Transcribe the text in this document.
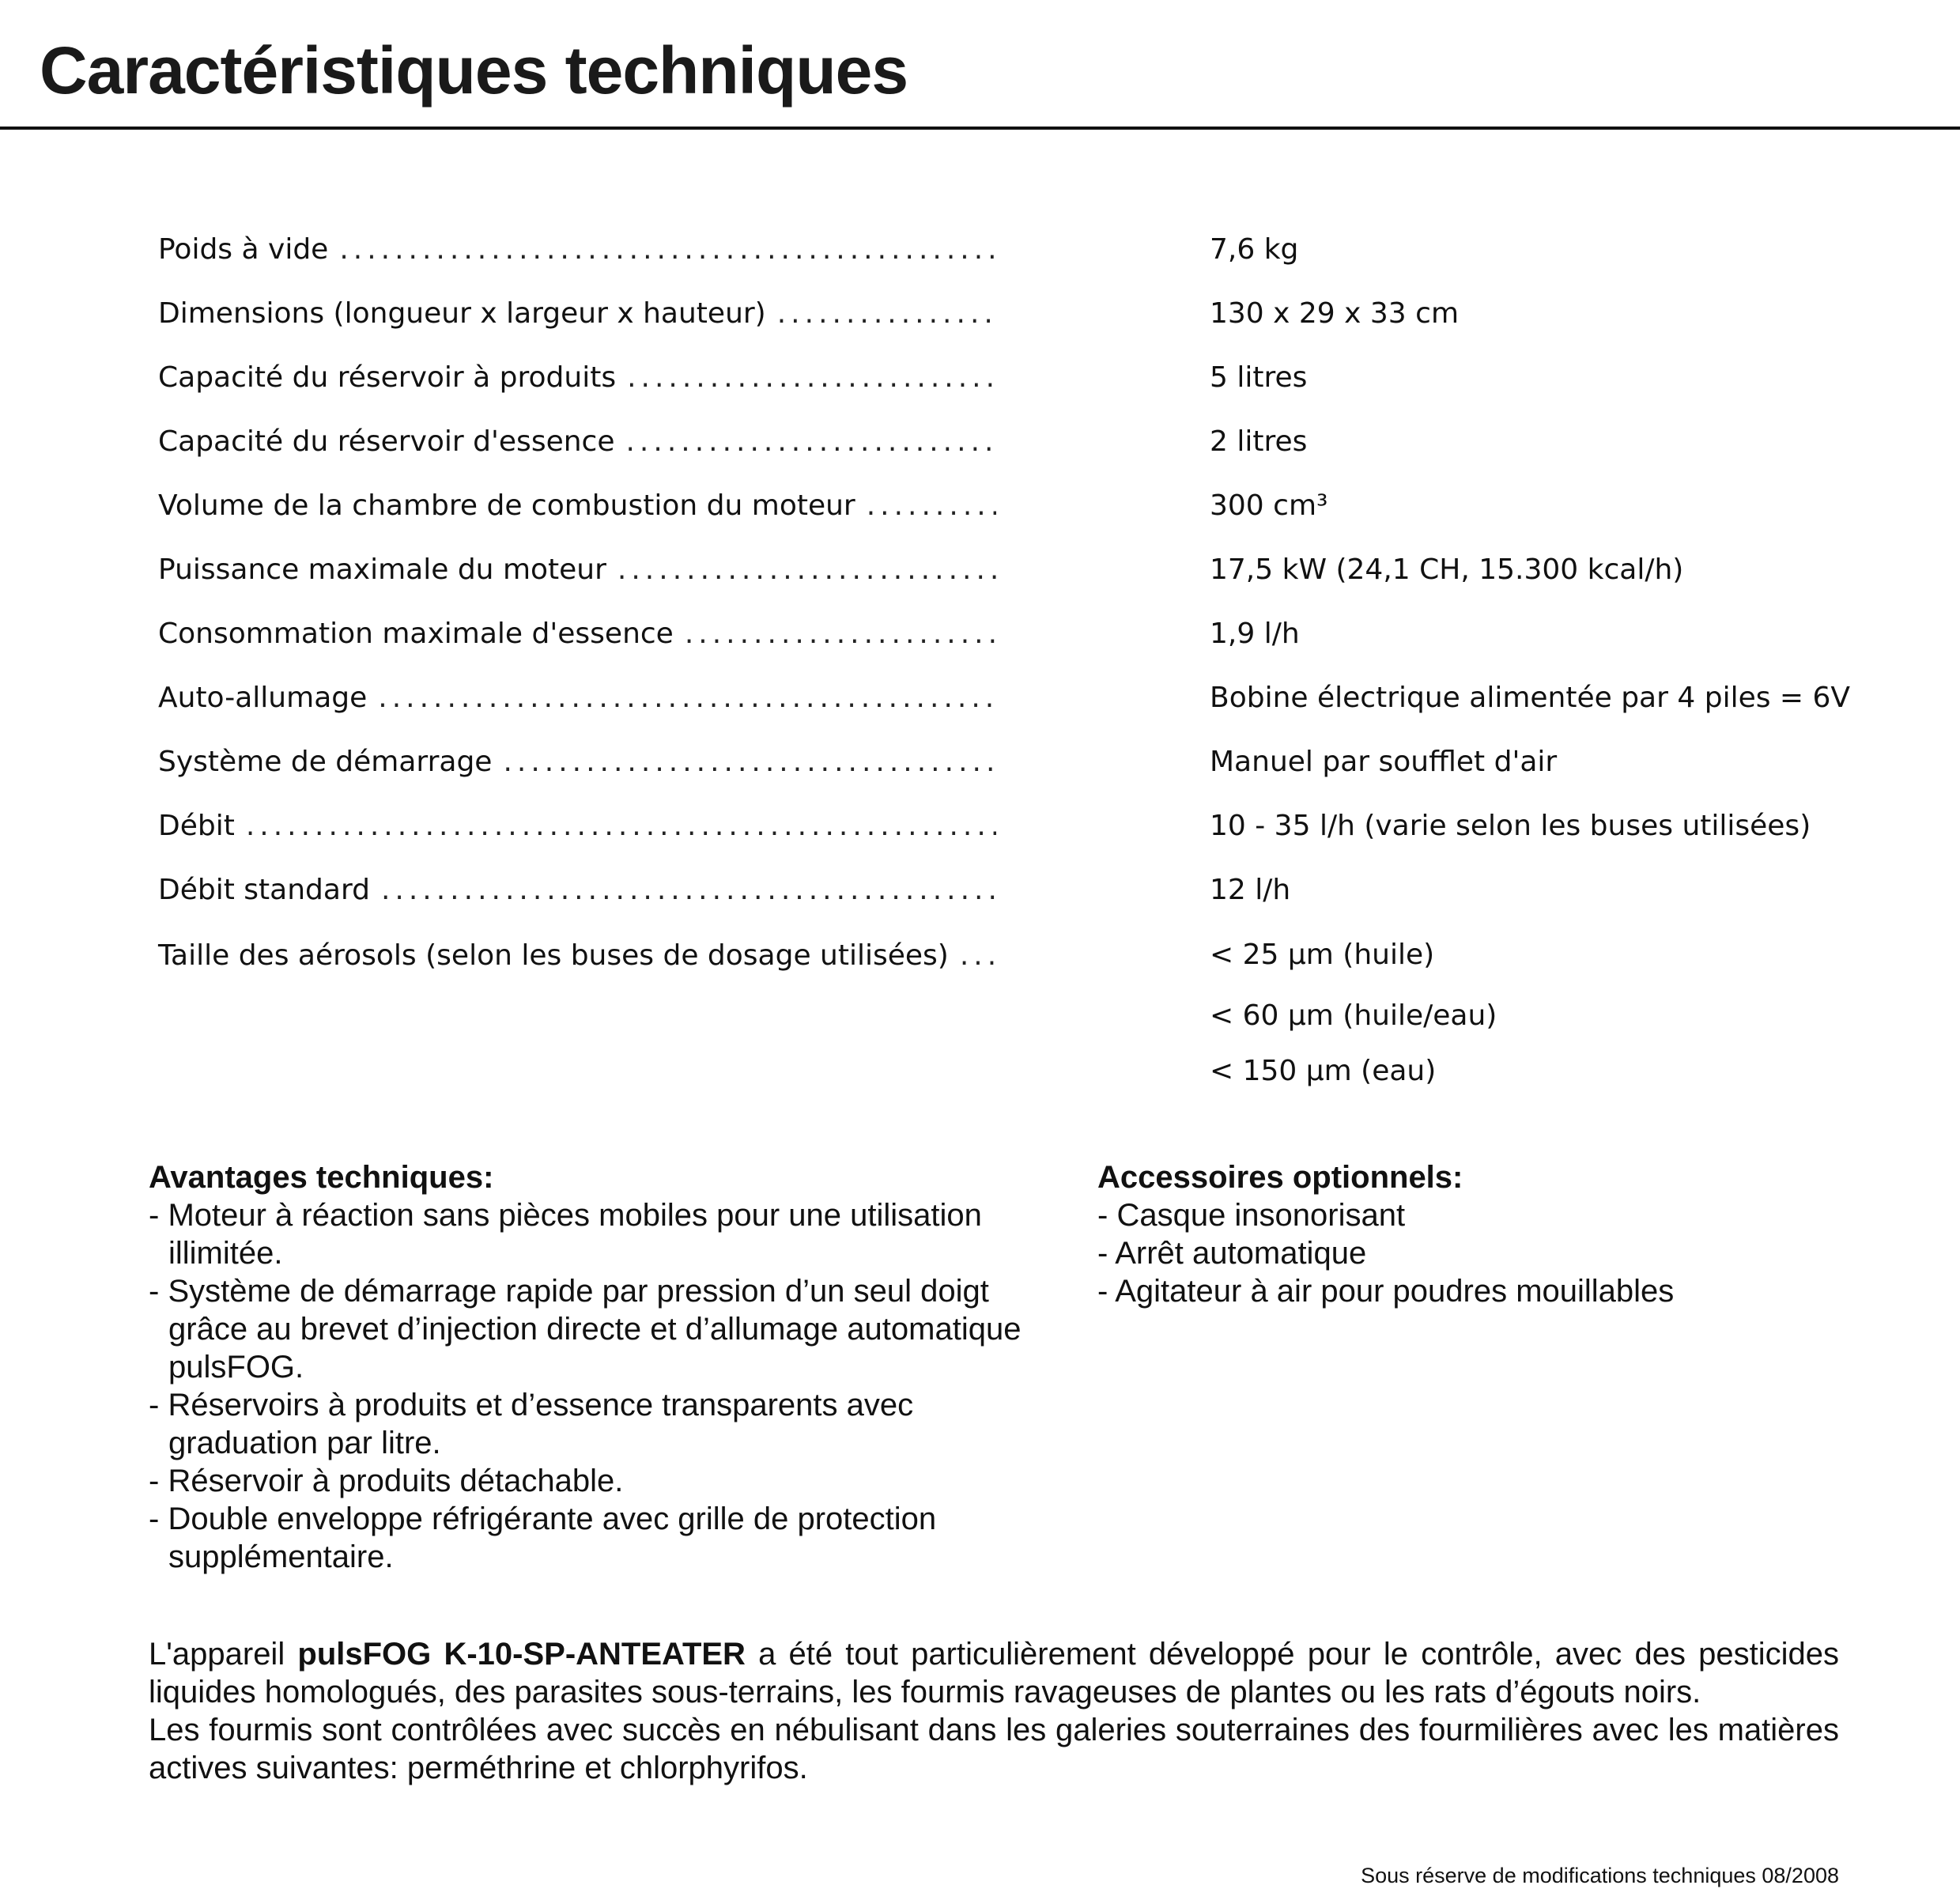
Caractéristiques techniques
Poids à vide .....	7,6 kg
Dimensions (longueur x largeur x hauteur) .....	130 x 29 x 33 cm
Capacité du réservoir à produits .....	5 litres
Capacité du réservoir d'essence .....	2 litres
Volume de la chambre de combustion du moteur .....	300 cm³
Puissance maximale du moteur .....	17,5 kW (24,1 CH, 15.300 kcal/h)
Consommation maximale d'essence .....	1,9 l/h
Auto-allumage .....	Bobine électrique alimentée par 4 piles = 6V
Système de démarrage .....	Manuel par soufflet d'air
Débit .....	10 - 35 l/h (varie selon les buses utilisées)
Débit standard .....	12 l/h
Taille des aérosols (selon les buses de dosage utilisées) .....	< 25 µm (huile)
< 60 µm (huile/eau)
< 150 µm (eau)
Avantages techniques:
- Moteur à réaction sans pièces mobiles pour une utilisation illimitée.
- Système de démarrage rapide par pression d’un seul doigt grâce au brevet d’injection directe et d’allumage automatique pulsFOG.
- Réservoirs à produits et d’essence transparents avec graduation par litre.
- Réservoir à produits détachable.
- Double enveloppe réfrigérante avec grille de protection supplémentaire.
Accessoires optionnels:
- Casque insonorisant
- Arrêt automatique
- Agitateur à air pour poudres mouillables

L'appareil pulsFOG K-10-SP-ANTEATER a été tout particulièrement développé pour le contrôle, avec des pesticides liquides homologués, des parasites sous-terrains, les fourmis ravageuses de plantes ou les rats d’égouts noirs.

Les fourmis sont contrôlées avec succès en nébulisant dans les galeries souterraines des fourmilières avec les matières actives suivantes: perméthrine et chlorphyrifos.

Sous réserve de modifications techniques 08/2008
